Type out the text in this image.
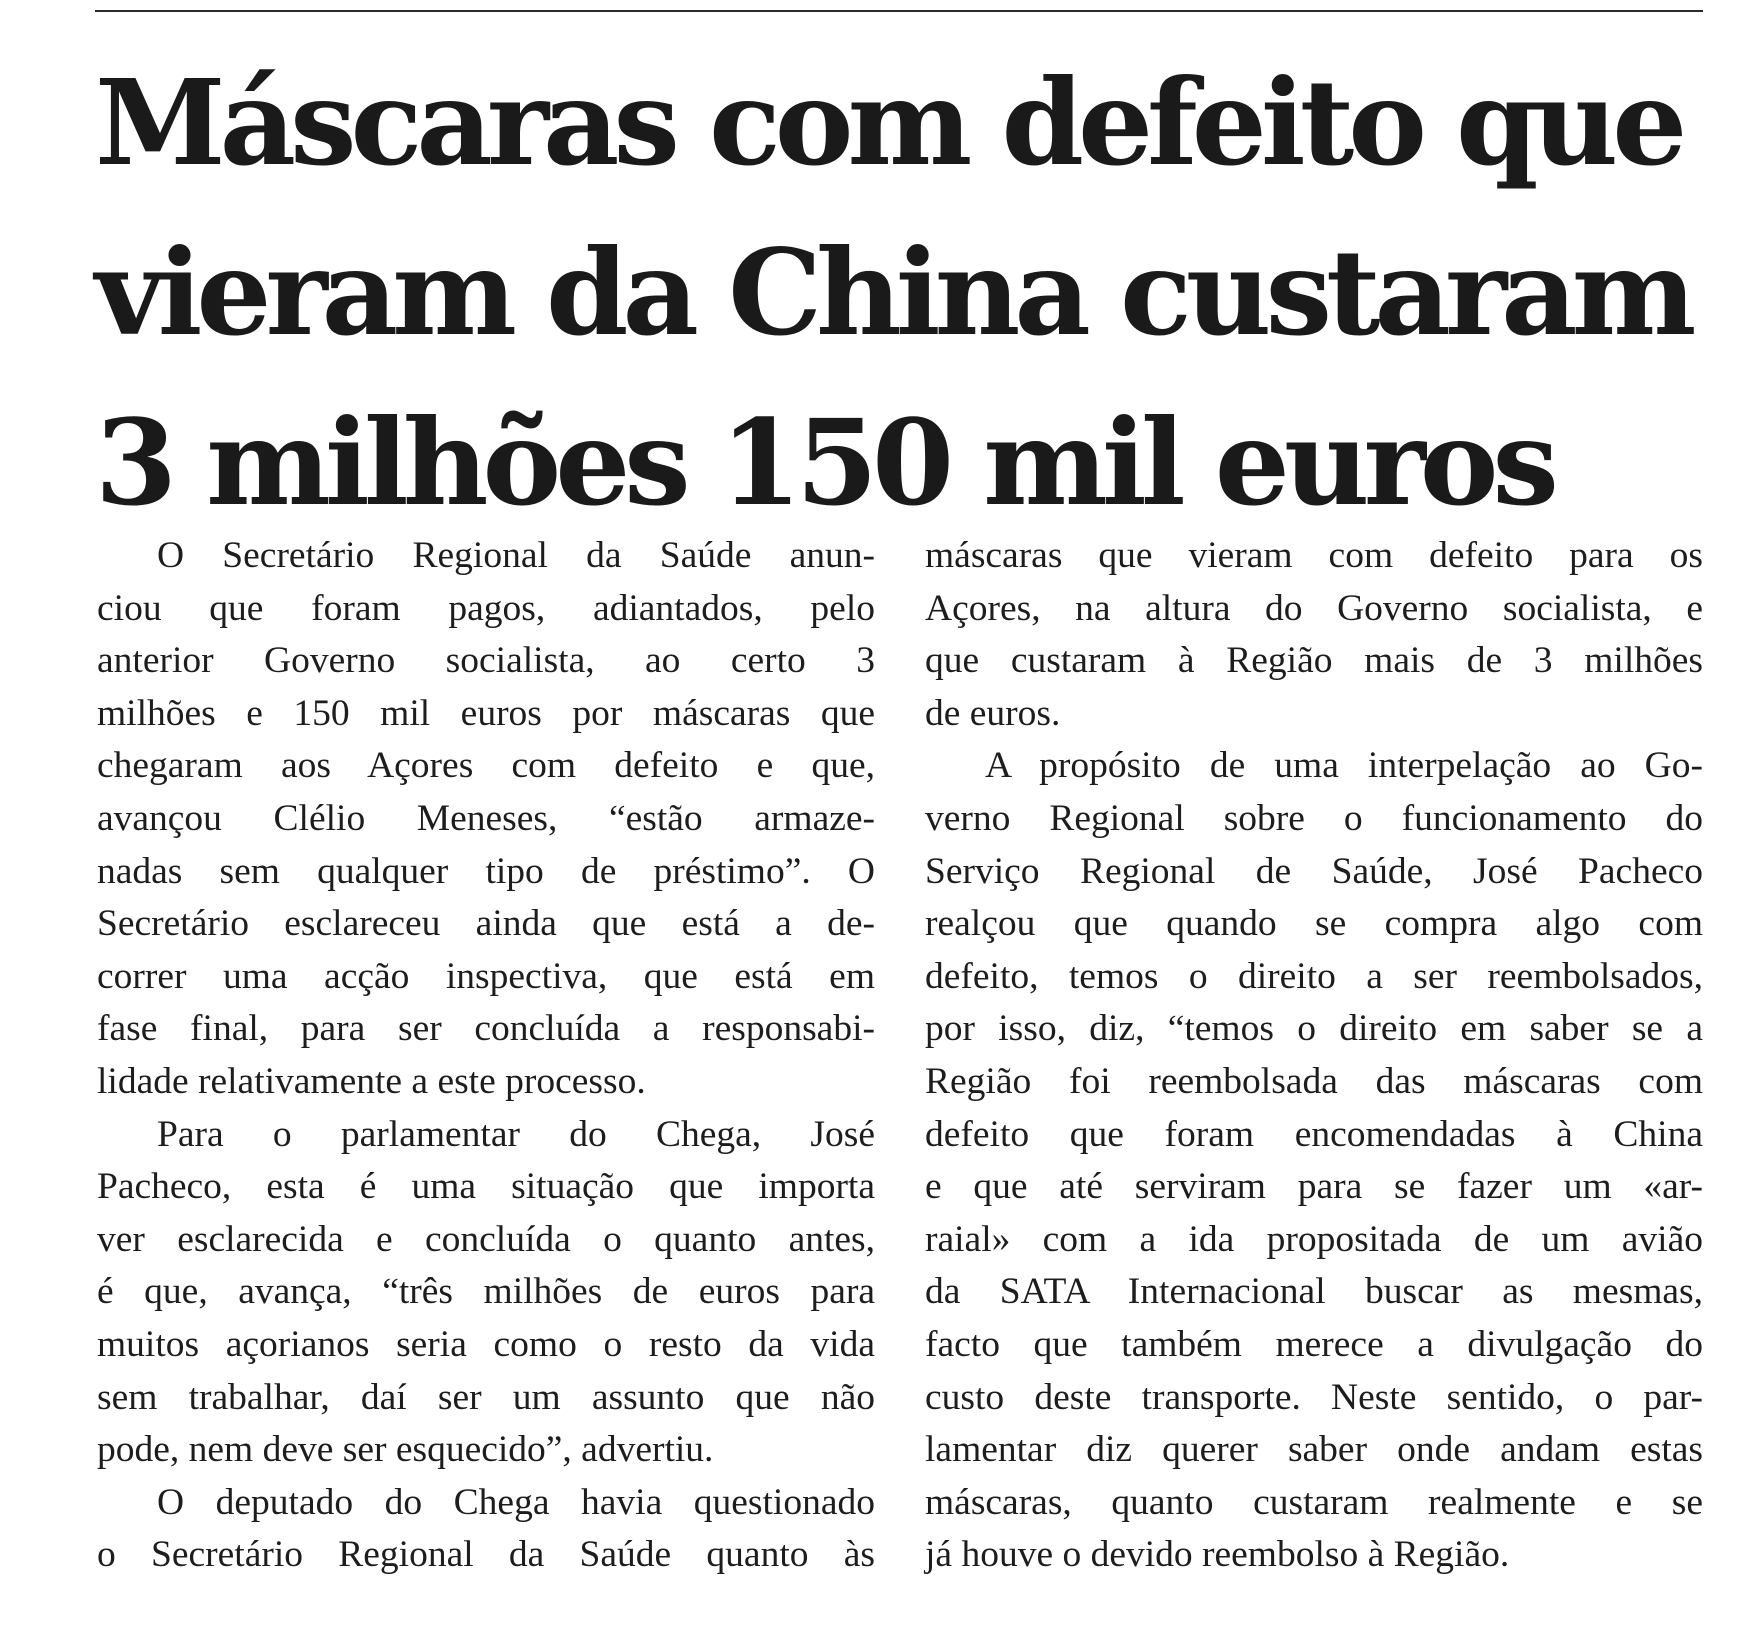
Máscaras com defeito que
vieram da China custaram
3 milhões 150 mil euros

O Secretário Regional da Saúde anun-
ciou que foram pagos, adiantados, pelo
anterior Governo socialista, ao certo 3
milhões e 150 mil euros por máscaras que
chegaram aos Açores com defeito e que,
avançou Clélio Meneses, “estão armaze-
nadas sem qualquer tipo de préstimo”. O
Secretário esclareceu ainda que está a de-
correr uma acção inspectiva, que está em
fase final, para ser concluída a responsabi-
lidade relativamente a este processo.

Para o parlamentar do Chega, José
Pacheco, esta é uma situação que importa
ver esclarecida e concluída o quanto antes,
é que, avança, “três milhões de euros para
muitos açorianos seria como o resto da vida
sem trabalhar, daí ser um assunto que não
pode, nem deve ser esquecido”, advertiu.

O deputado do Chega havia questionado
o Secretário Regional da Saúde quanto às

máscaras que vieram com defeito para os
Açores, na altura do Governo socialista, e
que custaram à Região mais de 3 milhões
de euros.

A propósito de uma interpelação ao Go-
verno Regional sobre o funcionamento do
Serviço Regional de Saúde, José Pacheco
realçou que quando se compra algo com
defeito, temos o direito a ser reembolsados,
por isso, diz, “temos o direito em saber se a
Região foi reembolsada das máscaras com
defeito que foram encomendadas à China
e que até serviram para se fazer um «ar-
raial» com a ida propositada de um avião
da SATA Internacional buscar as mesmas,
facto que também merece a divulgação do
custo deste transporte. Neste sentido, o par-
lamentar diz querer saber onde andam estas
máscaras, quanto custaram realmente e se
já houve o devido reembolso à Região.
